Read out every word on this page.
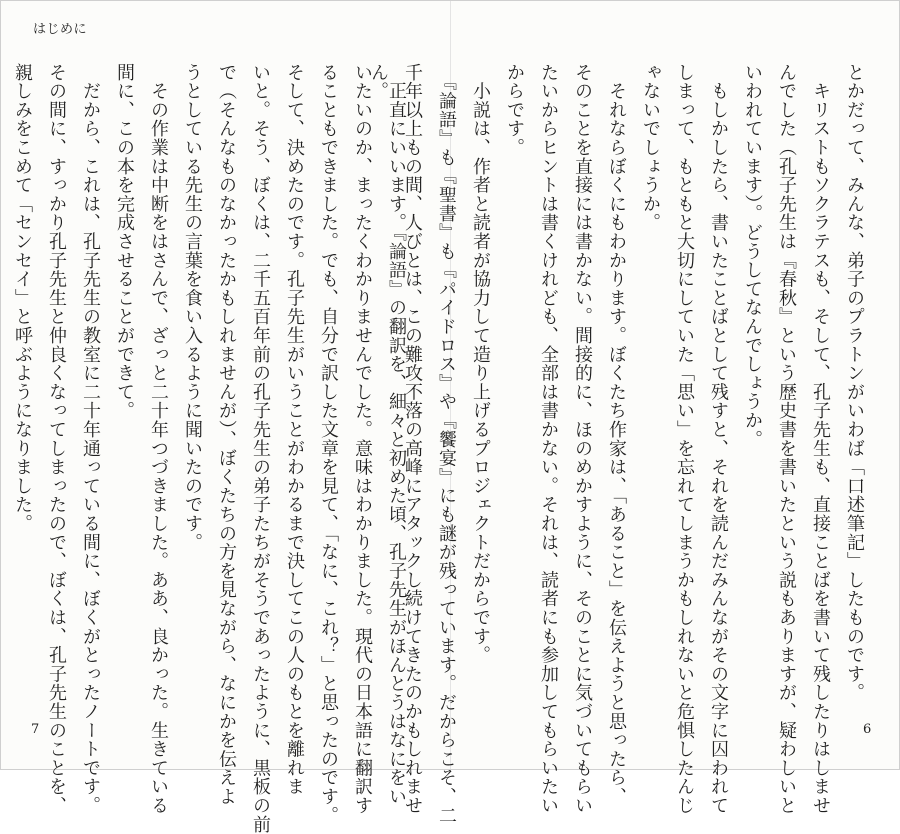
はじめに
とかだって、みんな、弟子のプラトンがいわば「口述筆記」したものです。
　キリストもソクラテスも、そして、孔子先生も、直接ことばを書いて残したりはしませ
んでした（孔子先生は『春秋』という歴史書を書いたという説もありますが、疑わしいと
いわれています）。どうしてなんでしょうか。
　もしかしたら、書いたことばとして残すと、それを読んだみんながその文字に囚われて
しまって、もともと大切にしていた「思い」を忘れてしまうかもしれないと危惧したんじ
ゃないでしょうか。
　それならぼくにもわかります。ぼくたち作家は、「あること」を伝えようと思ったら、
そのことを直接には書かない。間接的に、ほのめかすように、そのことに気づいてもらい
たいからヒントは書くけれども、全部は書かない。それは、読者にも参加してもらいたい
からです。
　小説は、作者と読者が協力して造り上げるプロジェクトだからです。
　『論語』も『聖書』も『パイドロス』や『饗宴』にも謎が残っています。だからこそ、二
千年以上もの間、人びとは、この難攻不落の高峰にアタックし続けてきたのかもしれませ
ん。
　正直にいいます。『論語』の翻訳を、細々と初めた頃、孔子先生がほんとうはなにをい
いたいのか、まったくわかりませんでした。意味はわかりました。現代の日本語に翻訳す
ることもできました。でも、自分で訳した文章を見て、「なに、これ？」と思ったのです。
そして、決めたのです。孔子先生がいうことがわかるまで決してこの人のもとを離れま
いと。そう、ぼくは、二千五百年前の孔子先生の弟子たちがそうであったように、黒板の前
で（そんなものなかったかもしれませんが）、ぼくたちの方を見ながら、なにかを伝えよ
うとしている先生の言葉を食い入るように聞いたのです。
　その作業は中断をはさんで、ざっと二十年つづきました。ああ、良かった。生きている
間に、この本を完成させることができて。
　だから、これは、孔子先生の教室に二十年通っている間に、ぼくがとったノートです。
その間に、すっかり孔子先生と仲良くなってしまったので、ぼくは、孔子先生のことを、
親しみをこめて「センセイ」と呼ぶようになりました。
7	6
